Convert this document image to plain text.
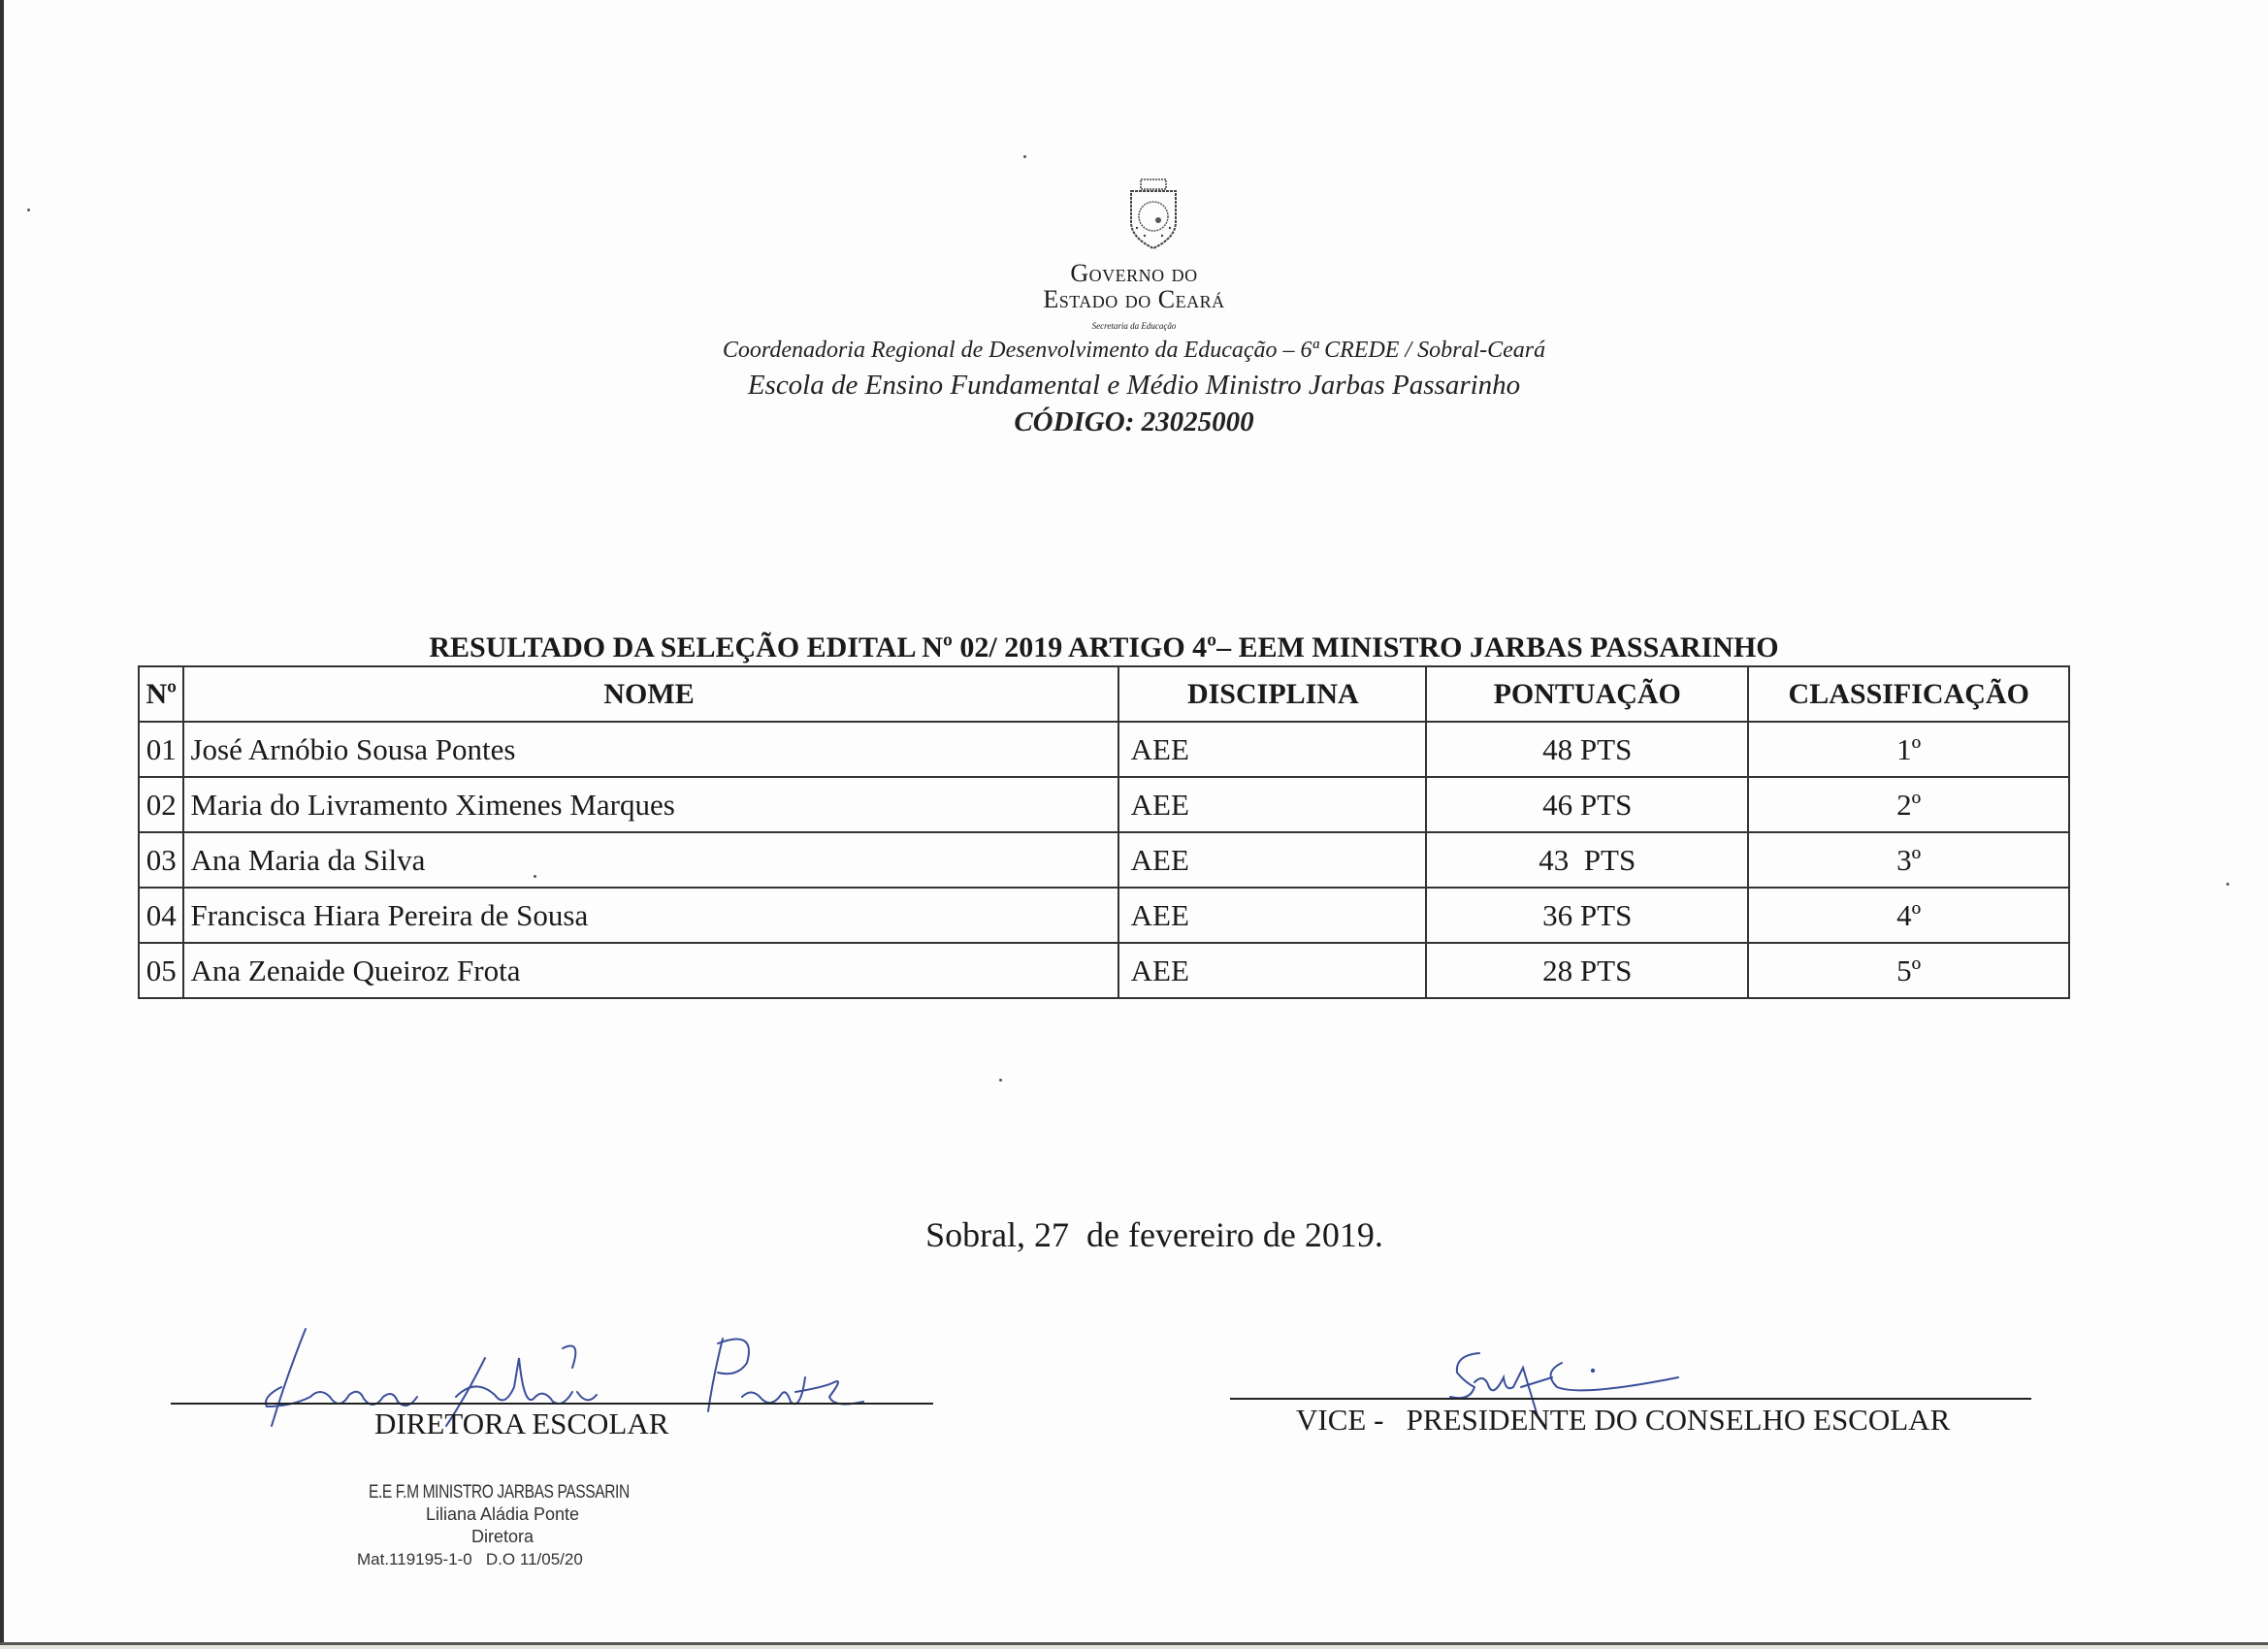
Governo do
Estado do Ceará
Secretaria da Educação
Coordenadoria Regional de Desenvolvimento da Educação – 6ª CREDE / Sobral-Ceará
Escola de Ensino Fundamental e Médio Ministro Jarbas Passarinho
CÓDIGO: 23025000
RESULTADO DA SELEÇÃO EDITAL Nº 02/ 2019 ARTIGO 4º– EEM MINISTRO JARBAS PASSARINHO
Nº	NOME	DISCIPLINA	PONTUAÇÃO	CLASSIFICAÇÃO
01	José Arnóbio Sousa Pontes	AEE	48 PTS	1º
02	Maria do Livramento Ximenes Marques	AEE	46 PTS	2º
03	Ana Maria da Silva	AEE	43  PTS	3º
04	Francisca Hiara Pereira de Sousa	AEE	36 PTS	4º
05	Ana Zenaide Queiroz Frota	AEE	28 PTS	5º
Sobral, 27  de fevereiro de 2019.
DIRETORA ESCOLAR	VICE -   PRESIDENTE DO CONSELHO ESCOLAR
E.E F.M MINISTRO JARBAS PASSARIN
Liliana Aládia Ponte
Diretora
Mat.119195-1-0   D.O 11/05/20
